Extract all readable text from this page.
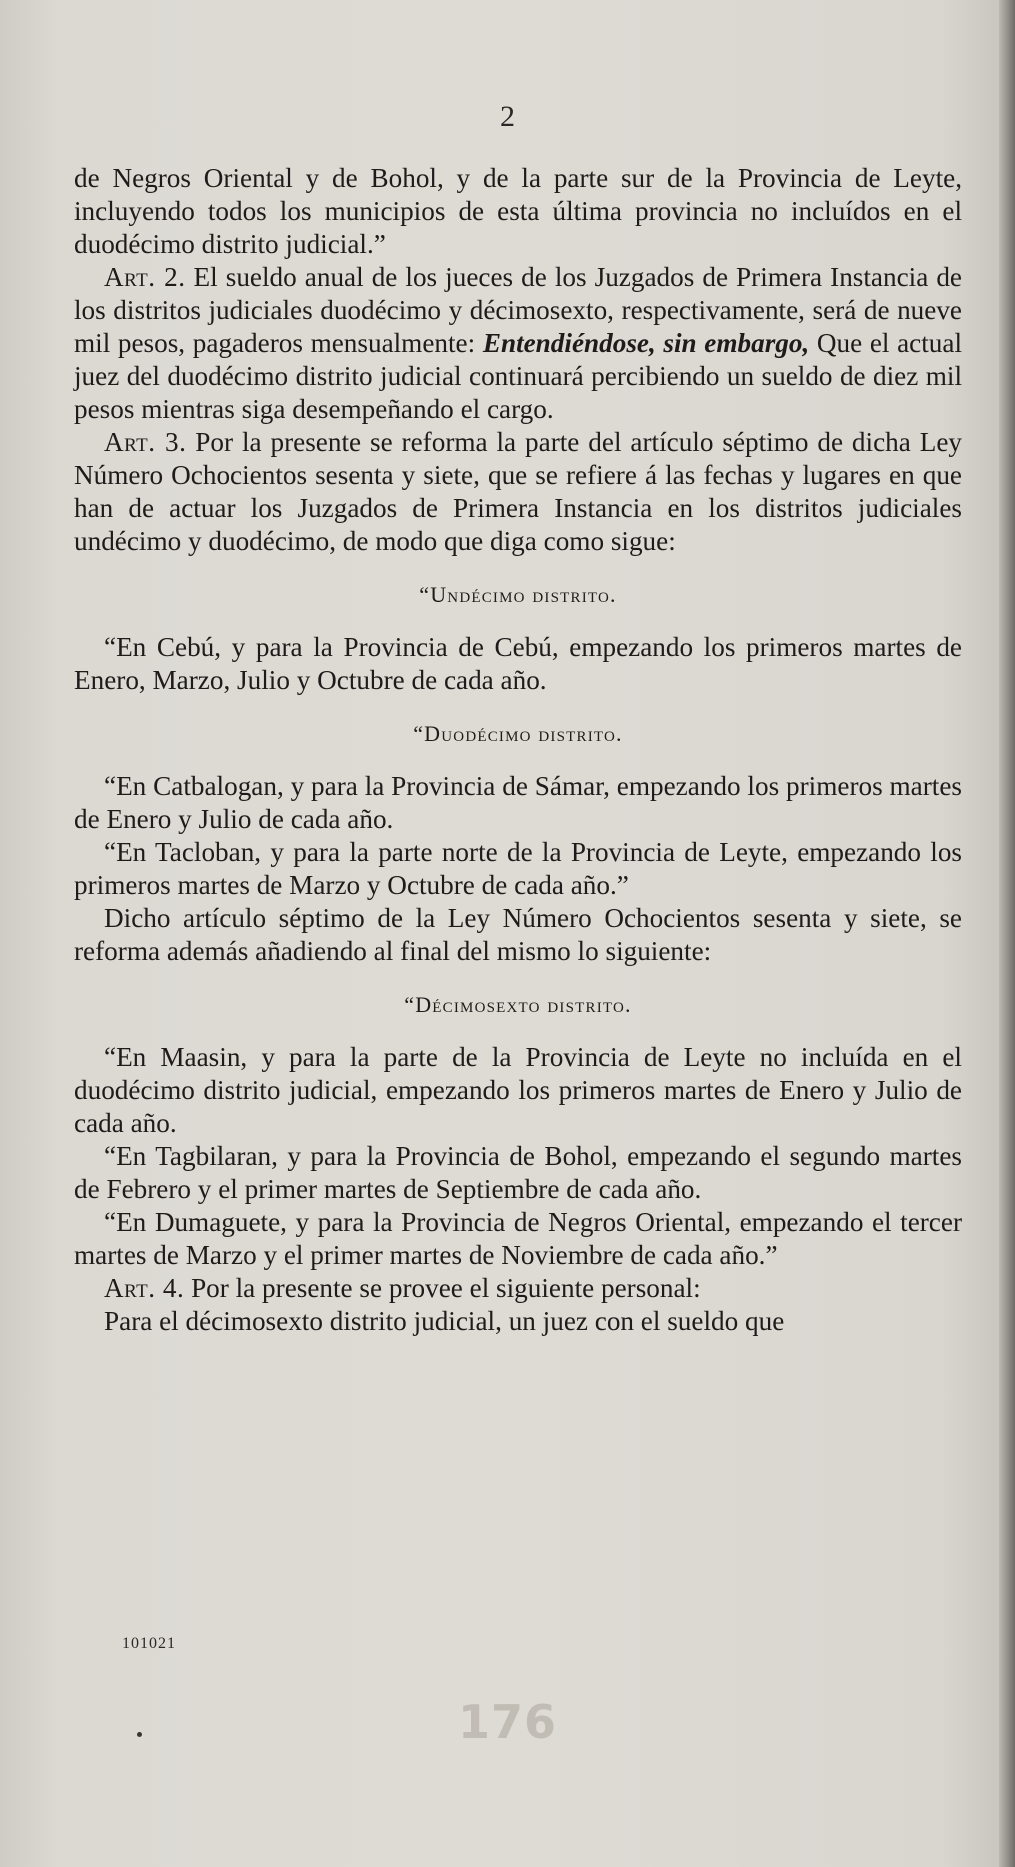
2

de Negros Oriental y de Bohol, y de la parte sur de la Provincia de Leyte, incluyendo todos los municipios de esta última provincia no incluídos en el duodécimo distrito judicial.”

Art. 2. El sueldo anual de los jueces de los Juzgados de Primera Instancia de los distritos judiciales duodécimo y décimosexto, respectivamente, será de nueve mil pesos, pagaderos mensualmente: Entendiéndose, sin embargo, Que el actual juez del duodécimo distrito judicial continuará percibiendo un sueldo de diez mil pesos mientras siga desempeñando el cargo.

Art. 3. Por la presente se reforma la parte del artículo séptimo de dicha Ley Número Ochocientos sesenta y siete, que se refiere á las fechas y lugares en que han de actuar los Juzgados de Primera Instancia en los distritos judiciales undécimo y duodécimo, de modo que diga como sigue:

“Undécimo distrito.

“En Cebú, y para la Provincia de Cebú, empezando los primeros martes de Enero, Marzo, Julio y Octubre de cada año.

“Duodécimo distrito.

“En Catbalogan, y para la Provincia de Sámar, empezando los primeros martes de Enero y Julio de cada año.

“En Tacloban, y para la parte norte de la Provincia de Leyte, empezando los primeros martes de Marzo y Octubre de cada año.”

Dicho artículo séptimo de la Ley Número Ochocientos sesenta y siete, se reforma además añadiendo al final del mismo lo siguiente:

“Décimosexto distrito.

“En Maasin, y para la parte de la Provincia de Leyte no incluída en el duodécimo distrito judicial, empezando los primeros martes de Enero y Julio de cada año.

“En Tagbilaran, y para la Provincia de Bohol, empezando el segundo martes de Febrero y el primer martes de Septiembre de cada año.

“En Dumaguete, y para la Provincia de Negros Oriental, empezando el tercer martes de Marzo y el primer martes de Noviembre de cada año.”

Art. 4. Por la presente se provee el siguiente personal:

Para el décimosexto distrito judicial, un juez con el sueldo que

101021
176
